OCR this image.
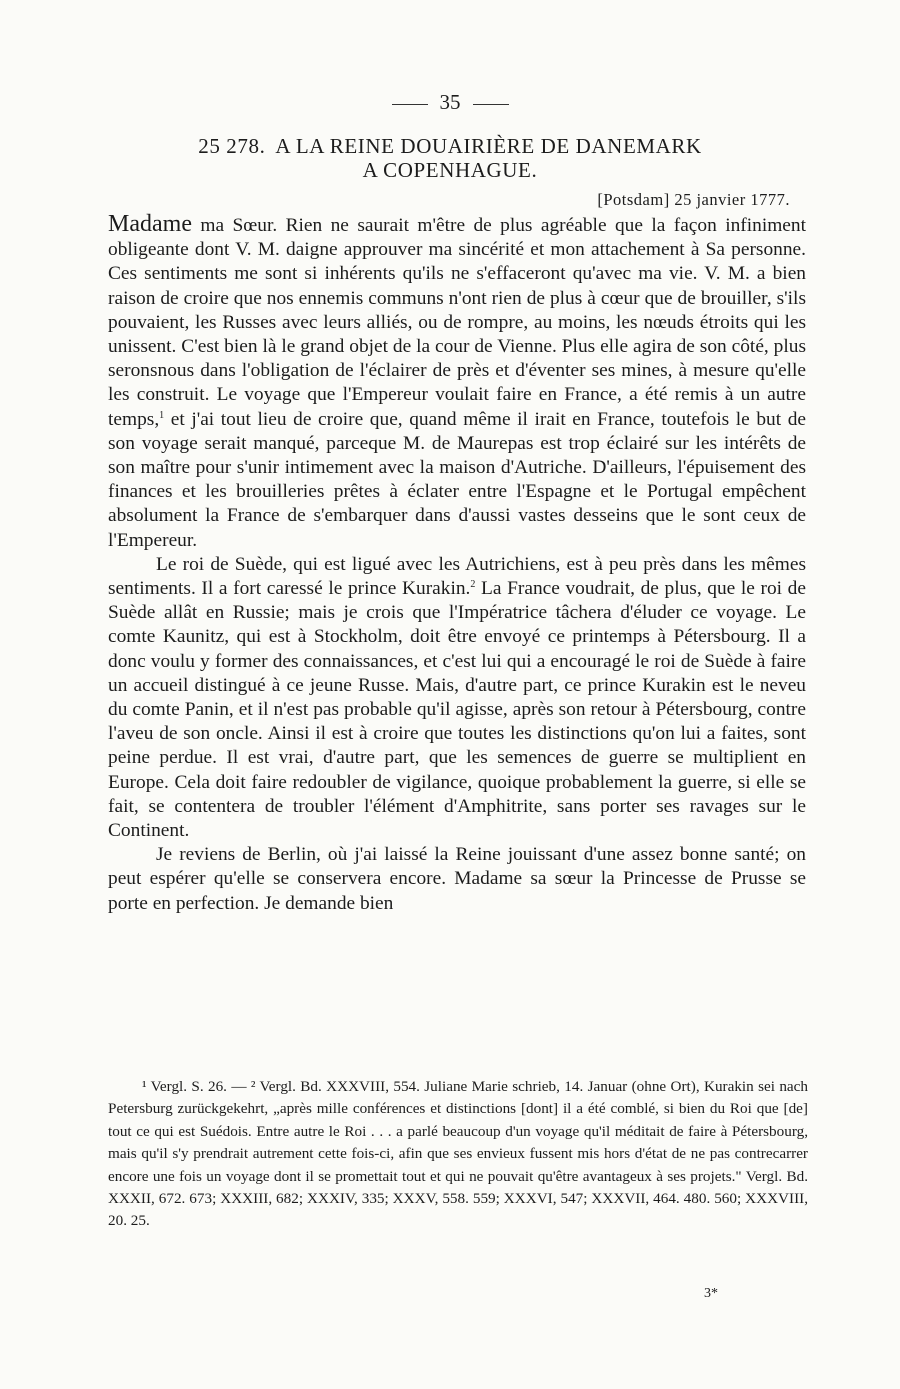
35
25 278. A LA REINE DOUAIRIÈRE DE DANEMARK
A COPENHAGUE.
[Potsdam] 25 janvier 1777.

Madame ma Sœur. Rien ne saurait m'être de plus agréable que la façon infiniment obligeante dont V. M. daigne approuver ma sincérité et mon attachement à Sa personne. Ces sentiments me sont si inhérents qu'ils ne s'effaceront qu'avec ma vie. V. M. a bien raison de croire que nos ennemis communs n'ont rien de plus à cœur que de brouiller, s'ils pouvaient, les Russes avec leurs alliés, ou de rompre, au moins, les nœuds étroits qui les unissent. C'est bien là le grand objet de la cour de Vienne. Plus elle agira de son côté, plus seronsnous dans l'obligation de l'éclairer de près et d'éventer ses mines, à mesure qu'elle les construit. Le voyage que l'Empereur voulait faire en France, a été remis à un autre temps,$^1$ et j'ai tout lieu de croire que, quand même il irait en France, toutefois le but de son voyage serait manqué, parceque M. de Maurepas est trop éclairé sur les intérêts de son maître pour s'unir intimement avec la maison d'Autriche. D'ailleurs, l'épuisement des finances et les brouilleries prêtes à éclater entre l'Espagne et le Portugal empêchent absolument la France de s'embarquer dans d'aussi vastes desseins que le sont ceux de l'Empereur.

Le roi de Suède, qui est ligué avec les Autrichiens, est à peu près dans les mêmes sentiments. Il a fort caressé le prince Kurakin.$^2$ La France voudrait, de plus, que le roi de Suède allât en Russie; mais je crois que l'Impératrice tâchera d'éluder ce voyage. Le comte Kaunitz, qui est à Stockholm, doit être envoyé ce printemps à Pétersbourg. Il a donc voulu y former des connaissances, et c'est lui qui a encouragé le roi de Suède à faire un accueil distingué à ce jeune Russe. Mais, d'autre part, ce prince Kurakin est le neveu du comte Panin, et il n'est pas probable qu'il agisse, après son retour à Pétersbourg, contre l'aveu de son oncle. Ainsi il est à croire que toutes les distinctions qu'on lui a faites, sont peine perdue. Il est vrai, d'autre part, que les semences de guerre se multiplient en Europe. Cela doit faire redoubler de vigilance, quoique probablement la guerre, si elle se fait, se contentera de troubler l'élément d'Amphitrite, sans porter ses ravages sur le Continent.

Je reviens de Berlin, où j'ai laissé la Reine jouissant d'une assez bonne santé; on peut espérer qu'elle se conservera encore. Madame sa sœur la Princesse de Prusse se porte en perfection. Je demande bien

¹ Vergl. S. 26. — ² Vergl. Bd. XXXVIII, 554. Juliane Marie schrieb, 14. Januar (ohne Ort), Kurakin sei nach Petersburg zurückgekehrt, „après mille conférences et distinctions [dont] il a été comblé, si bien du Roi que [de] tout ce qui est Suédois. Entre autre le Roi . . . a parlé beaucoup d'un voyage qu'il méditait de faire à Pétersbourg, mais qu'il s'y prendrait autrement cette fois-ci, afin que ses envieux fussent mis hors d'état de ne pas contrecarrer encore une fois un voyage dont il se promettait tout et qui ne pouvait qu'être avantageux à ses projets." Vergl. Bd. XXXII, 672. 673; XXXIII, 682; XXXIV, 335; XXXV, 558. 559; XXXVI, 547; XXXVII, 464. 480. 560; XXXVIII, 20. 25.

3*
